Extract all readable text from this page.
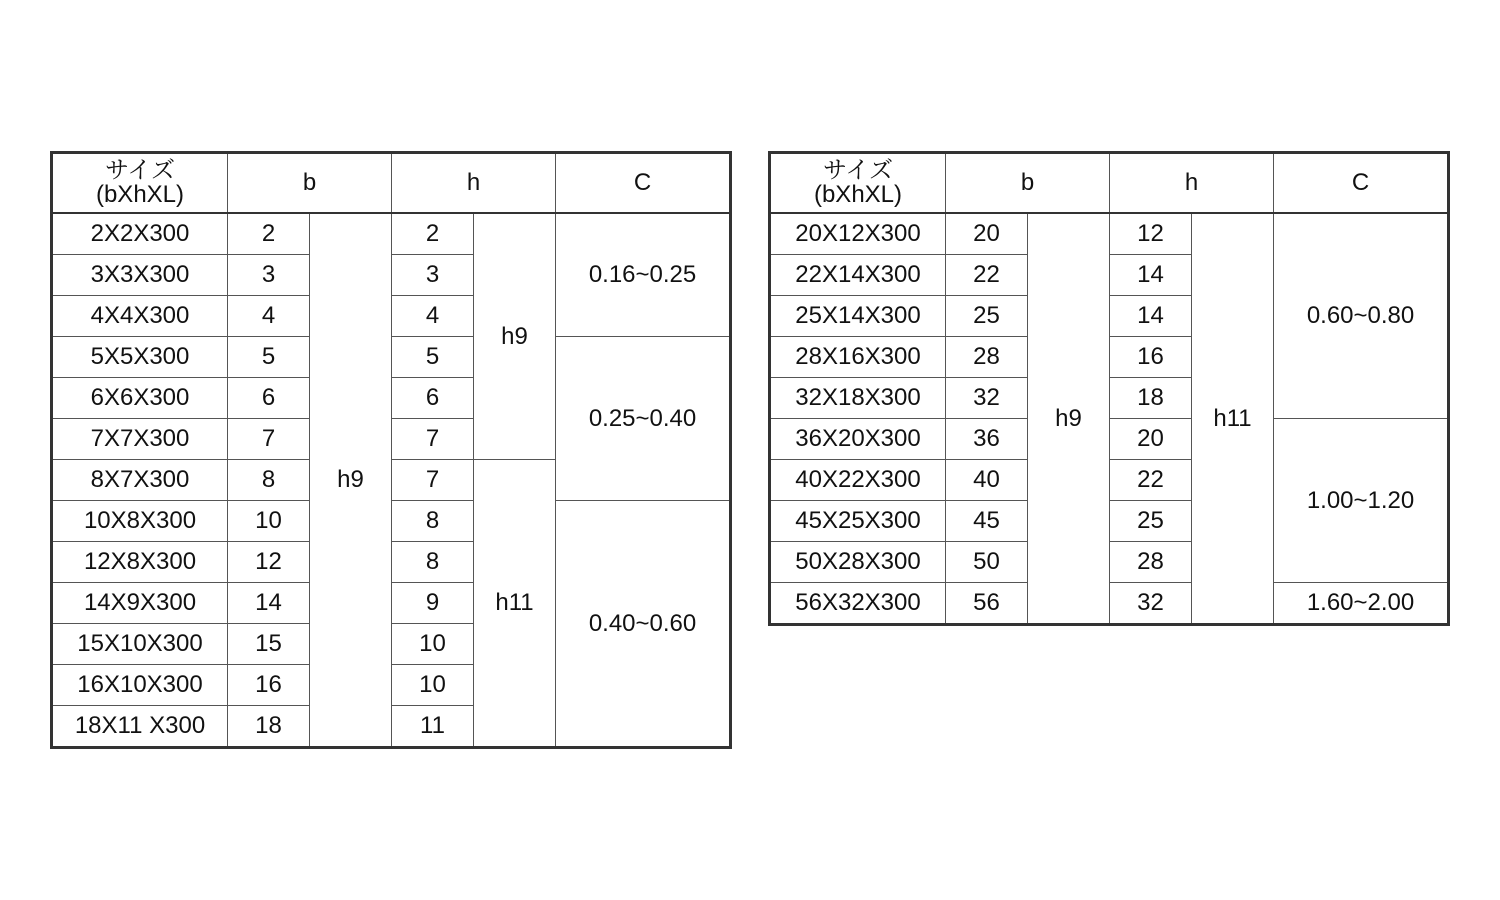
サイズ
(bXhXL)	b		h		C
2X2X300	2	h9	2	h9	0.16~0.25
3X3X300	3		3		
4X4X300	4		4		
5X5X300	5		5		0.25~0.40
6X6X300	6		6		
7X7X300	7		7		
8X7X300	8		7	h11	
10X8X300	10		8		0.40~0.60
12X8X300	12		8		
14X9X300	14		9		
15X10X300	15		10		
16X10X300	16		10		
18X11 X300	18		11		
サイズ
(bXhXL)	b		h		C
20X12X300	20	h9	12	h11	0.60~0.80
22X14X300	22		14		
25X14X300	25		14		
28X16X300	28		16		
32X18X300	32		18		
36X20X300	36		20		1.00~1.20
40X22X300	40		22		
45X25X300	45		25		
50X28X300	50		28		
56X32X300	56		32		1.60~2.00
